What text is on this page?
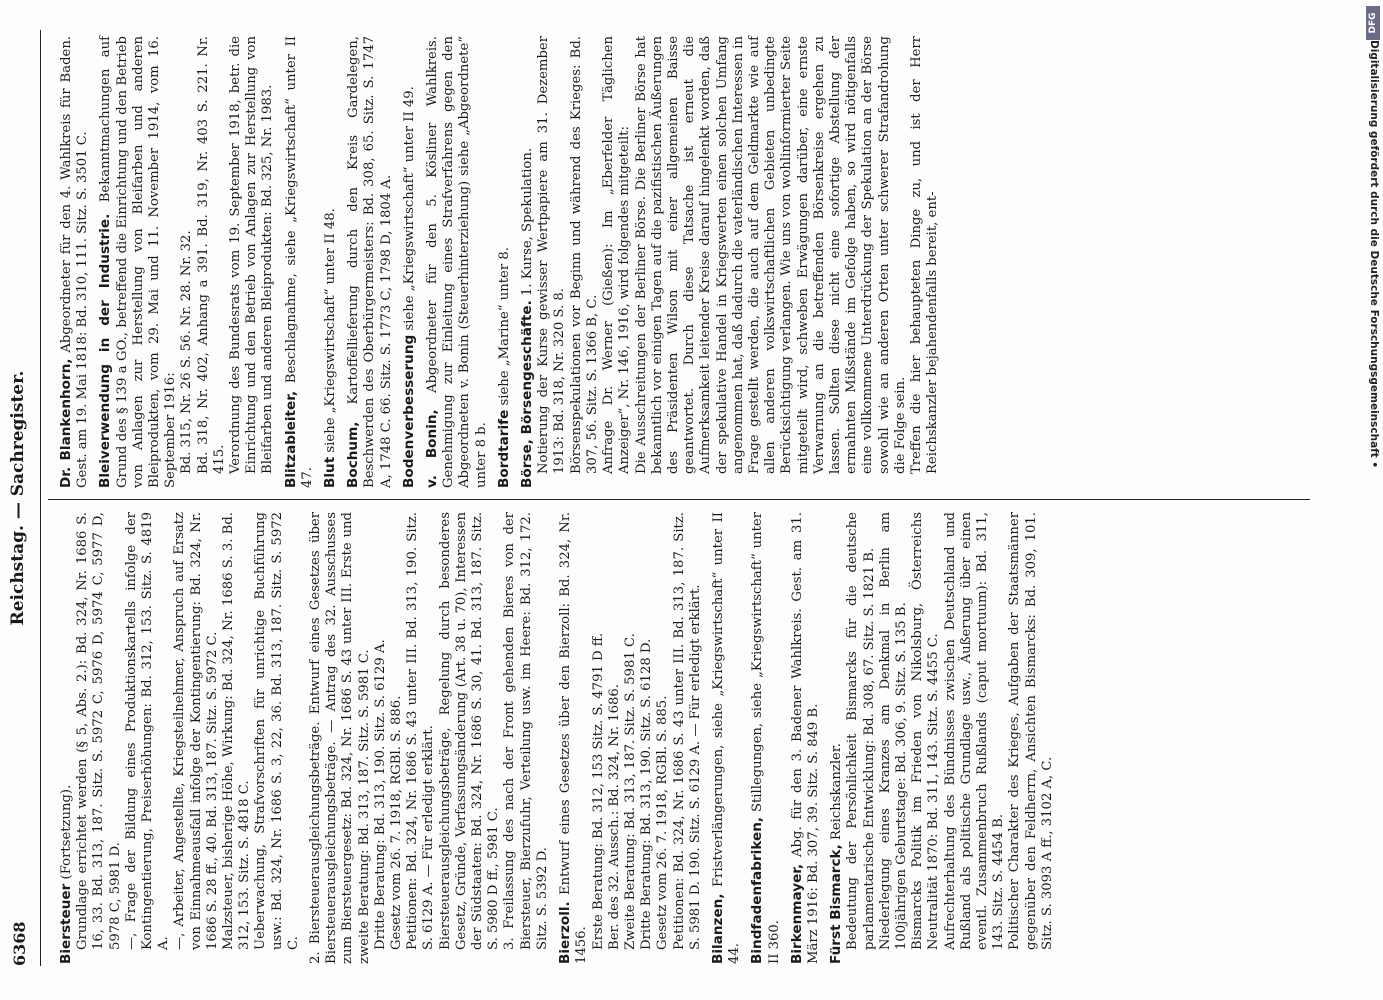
6368
Reichstag. — Sachregister.

Biersteuer (Fortsetzung). Grundlage errichtet werden (§ 5, Abs. 2.): Bd. 324, Nr. 1686 S. 16, 33. Bd. 313, 187. Sitz. S. 5972 C, 5976 D, 5974 C, 5977 D, 5978 C, 5981 D. —, Frage der Bildung eines Produktionskartells infolge der Kontingentierung, Preiserhöhungen: Bd. 312, 153. Sitz. S. 4819 A. —, Arbeiter, Angestellte, Kriegsteilnehmer, Anspruch auf Ersatz von Einnahmeausfall infolge der Kontingentierung: Bd. 324, Nr. 1686 S. 28 ff., 40. Bd. 313, 187. Sitz. S. 5972 C. Malzsteuer, bisherige Höhe, Wirkung: Bd. 324, Nr. 1686 S. 3. Bd. 312, 153. Sitz. S. 4818 C. Ueberwachung, Strafvorschriften für unrichtige Buchführung usw.: Bd. 324, Nr. 1686 S. 3, 22, 36. Bd. 313, 187. Sitz. S. 5972 C. 2. Biersteuerausgleichungsbeträge. Entwurf eines Gesetzes über Biersteuerausgleichungsbeträge. — Antrag des 32. Ausschusses zum Biersteuergesetz: Bd. 324, Nr. 1686 S. 43 unter III. Erste und zweite Beratung: Bd. 313, 187. Sitz. S. 5981 C. Dritte Beratung: Bd. 313, 190. Sitz. S. 6129 A. Gesetz vom 26. 7. 1918, RGBl. S. 886. Petitionen: Bd. 324, Nr. 1686 S. 43 unter III. Bd. 313, 190. Sitz. S. 6129 A. — Für erledigt erklärt. Biersteuerausgleichungsbeträge, Regelung durch besonderes Gesetz, Gründe, Verfassungsänderung (Art. 38 u. 70), Interessen der Südstaaten: Bd. 324, Nr. 1686 S. 30, 41. Bd. 313, 187. Sitz. S. 5980 D ff., 5981 C. 3. Freilassung des nach der Front gehenden Bieres von der Biersteuer, Bierzufuhr, Verteilung usw. im Heere: Bd. 312, 172. Sitz. S. 5392 D. Bierzoll. Entwurf eines Gesetzes über den Bierzoll: Bd. 324, Nr. 1456. Erste Beratung: Bd. 312, 153 Sitz. S. 4791 D ff. Ber. des 32. Aussch.: Bd. 324, Nr. 1686. Zweite Beratung: Bd. 313, 187. Sitz. S. 5981 C. Dritte Beratung: Bd. 313, 190. Sitz. S. 6128 D. Gesetz vom 26. 7. 1918, RGBl. S. 885. Petitionen: Bd. 324, Nr. 1686 S. 43 unter III. Bd. 313, 187. Sitz. S. 5981 D. 190. Sitz. S. 6129 A. — Für erledigt erklärt. Bilanzen, Fristverlängerungen, siehe „Kriegswirtschaft“ unter II 44. Bindfadenfabriken, Stillegungen, siehe „Kriegswirtschaft“ unter II 360. Birkenmayer, Abg. für den 3. Badener Wahlkreis. Gest. am 31. März 1916: Bd. 307, 39. Sitz. S. 849 B. Fürst Bismarck, Reichskanzler. Bedeutung der Persönlichkeit Bismarcks für die deutsche parlamentarische Entwicklung: Bd. 308, 67. Sitz. S. 1821 B. Niederlegung eines Kranzes am Denkmal in Berlin am 100jährigen Geburtstage: Bd. 306, 9. Sitz. S. 135 B. Bismarcks Politik im Frieden von Nikolsburg, Österreichs Neutralität 1870: Bd. 311, 143. Sitz. S. 4455 C. Aufrechterhaltung des Bündnisses zwischen Deutschland und Rußland als politische Grundlage usw., Äußerung über einen eventl. Zusammenbruch Rußlands (caput mortuum): Bd. 311, 143. Sitz. S. 4454 B. Politischer Charakter des Krieges, Aufgaben der Staatsmänner gegenüber den Feldherrn, Ansichten Bismarcks: Bd. 309, 101. Sitz. S. 3093 A ff., 3102 A, C.

Dr. Blankenhorn, Abgeordneter für den 4. Wahlkreis für Baden. Gest. am 19. Mai 1818: Bd. 310, 111. Sitz. S. 3501 C. Bleiverwendung in der Industrie. Bekanntmachungen auf Grund des § 139 a GO., betreffend die Einrichtung und den Betrieb von Anlagen zur Herstellung von Bleifarben und anderen Bleiprodukten, vom 29. Mai und 11. November 1914, vom 16. September 1916: Bd. 315, Nr. 26 S. 56. Nr. 28. Nr. 32. Bd. 318, Nr. 402, Anhang a 391. Bd. 319, Nr. 403 S. 221. Nr. 415. Verordnung des Bundesrats vom 19. September 1918, betr. die Einrichtung und den Betrieb von Anlagen zur Herstellung von Bleifarben und anderen Bleiprodukten: Bd. 325, Nr. 1983. Blitzableiter, Beschlagnahme, siehe „Kriegswirtschaft“ unter II 47. Blut siehe „Kriegswirtschaft“ unter II 48.

Bochum, Kartoffellieferung durch den Kreis Gardelegen, Beschwerden des Oberbürgermeisters: Bd. 308, 65. Sitz. S. 1747 A, 1748 C. 66. Sitz. S. 1773 C, 1798 D, 1804 A. Bodenverbesserung siehe „Kriegswirtschaft“ unter II 49.

v. Bonin, Abgeordneter für den 5. Kösliner Wahlkreis. Genehmigung zur Einleitung eines Strafverfahrens gegen den Abgeordneten v. Bonin (Steuerhinterziehung) siehe „Abgeordnete“ unter 8 b. Bordtarife siehe „Marine“ unter 8. Börse, Börsengeschäfte. 1. Kurse, Spekulation. Notierung der Kurse gewisser Wertpapiere am 31. Dezember 1913: Bd. 318, Nr. 320 S. 8. Börsenspekulationen vor Beginn und während des Krieges: Bd. 307, 56. Sitz. S. 1366 B, C. Anfrage Dr. Werner (Gießen): Im „Eberfelder Täglichen Anzeiger“, Nr. 146, 1916, wird folgendes mitgeteilt: Die Ausschreitungen der Berliner Börse. Die Berliner Börse hat bekanntlich vor einigen Tagen auf die pazifistischen Äußerungen des Präsidenten Wilson mit einer allgemeinen Baisse geantwortet. Durch diese Tatsache ist erneut die Aufmerksamkeit leitender Kreise darauf hingelenkt worden, daß der spekulative Handel in Kriegswerten einen solchen Umfang angenommen hat, daß dadurch die vaterländischen Interessen in Frage gestellt werden, die auch auf dem Geldmarkte wie auf allen anderen volkswirtschaftlichen Gebieten unbedingte Berücksichtigung verlangen. Wie uns von wohlinformierter Seite mitgeteilt wird, schweben Erwägungen darüber, eine ernste Verwarnung an die betreffenden Börsenkreise ergehen zu lassen. Sollten diese nicht eine sofortige Abstellung der ermahnten Mißstände im Gefolge haben, so wird nötigenfalls eine vollkommene Unterdrückung der Spekulation an der Börse sowohl wie an anderen Orten unter schwerer Strafandrohung die Folge sein. Treffen die hier behaupteten Dinge zu, und ist der Herr Reichskanzler bejahendenfalls bereit, ent-

DFG
Digitalisierung gefördert durch die Deutsche Forschungsgemeinschaft •
